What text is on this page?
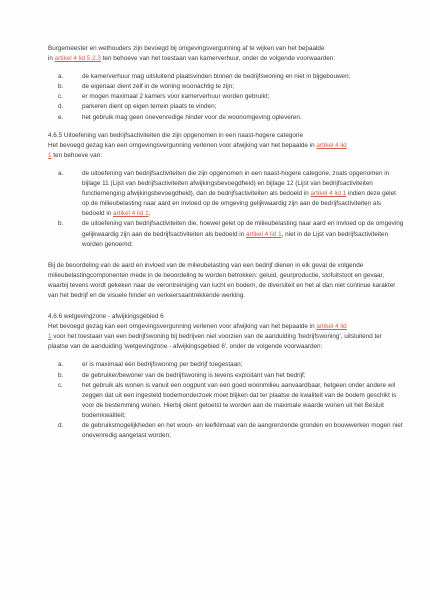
Burgemeester en wethouders zijn bevoegd bij omgevingsvergunning af te wijken van het bepaalde
in artikel 4 lid 5.2.3 ten behoeve van het toestaan van kamerverhuur, onder de volgende voorwaarden:

a.	de kamerverhuur mag uitsluitend plaatsvinden binnen de bedrijfswoning en niet in bijgebouwen;
b.	de eigenaar dient zelf in de woning woonachtig te zijn;
c.	er mogen maximaal 2 kamers voor kamerverhuur worden gebruikt;
d.	parkeren dient op eigen terrein plaats te vinden;
e.	het gebruik mag geen onevenredige hinder voor de woonomgeving opleveren.

4.6.5 Uitoefening van bedrijfsactiviteiten die zijn opgenomen in een naast-hogere categorie

Het bevoegd gezag kan een omgevingsvergunning verlenen voor afwijking van het bepaalde in artikel 4 lid
1 ten behoeve van:

a.	de uitoefening van bedrijfsactiviteiten die zijn opgenomen in een naast-hogere categorie, zoals opgenomen in bijlage 11 (Lijst van bedrijfsactiviteiten afwijkingsbevoegdheid) en bijlage 12 (Lijst van bedrijfsactiviteiten functiemenging afwijkingsbevoegdheid), dan de bedrijfsactiviteiten als bedoeld in artikel 4 lid 1 indien deze gelet op de milieubelasting naar aard en invloed op de omgeving gelijkwaardig zijn aan de bedrijfsactiviteiten als bedoeld in artikel 4 lid 1;
b.	de uitoefening van bedrijfsactiviteiten die, hoewel gelet op de milieubelasting naar aard en invloed op de omgeving gelijkwaardig zijn aan de bedrijfsactiviteiten als bedoeld in artikel 4 lid 1, niet in de Lijst van bedrijfsactiviteiten worden genoemd;

Bij de beoordeling van de aard en invloed van de milieubelasting van een bedrijf dienen in elk geval de volgende milieubelastingcomponenten mede in de beoordeling te worden betrokken: geluid, geurproductie, stofuitstoot en gevaar, waarbij tevens wordt gekeken naar de verontreiniging van lucht en bodem, de diversiteit en het al dan niet continue karakter van het bedrijf en de visuele hinder en verkeersaantrekkende werking.

4.6.6 wetgevingzone - afwijkingsgebied 6

Het bevoegd gezag kan een omgevingsvergunning verlenen voor afwijking van het bepaalde in artikel 4 lid
1 voor het toestaan van een bedrijfswoning bij bedrijven niet voorzien van de aanduiding 'bedrijfswoning', uitsluitend ter plaatse van de aanduiding 'wetgevingzone - afwijkingsgebied 6', onder de volgende voorwaarden:

a.	er is maximaal één bedrijfswoning per bedrijf toegestaan;
b.	de gebruiker/bewoner van de bedrijfswoning is tevens exploitant van het bedrijf;
c.	het gebruik als wonen is vanuit een oogpunt van een goed woonmilieu aanvaardbaar, hetgeen onder andere wil zeggen dat uit een ingesteld bodemonderzoek moet blijken dat ter plaatse de kwaliteit van de bodem geschikt is voor de bestemming wonen. Hierbij dient getoetst te worden aan de maximale waarde wonen uit het Besluit bodemkwaliteit;
d.	de gebruiksmogelijkheden en het woon- en leefklimaat van de aangrenzende gronden en bouwwerken mogen niet onevenredig aangetast worden;
